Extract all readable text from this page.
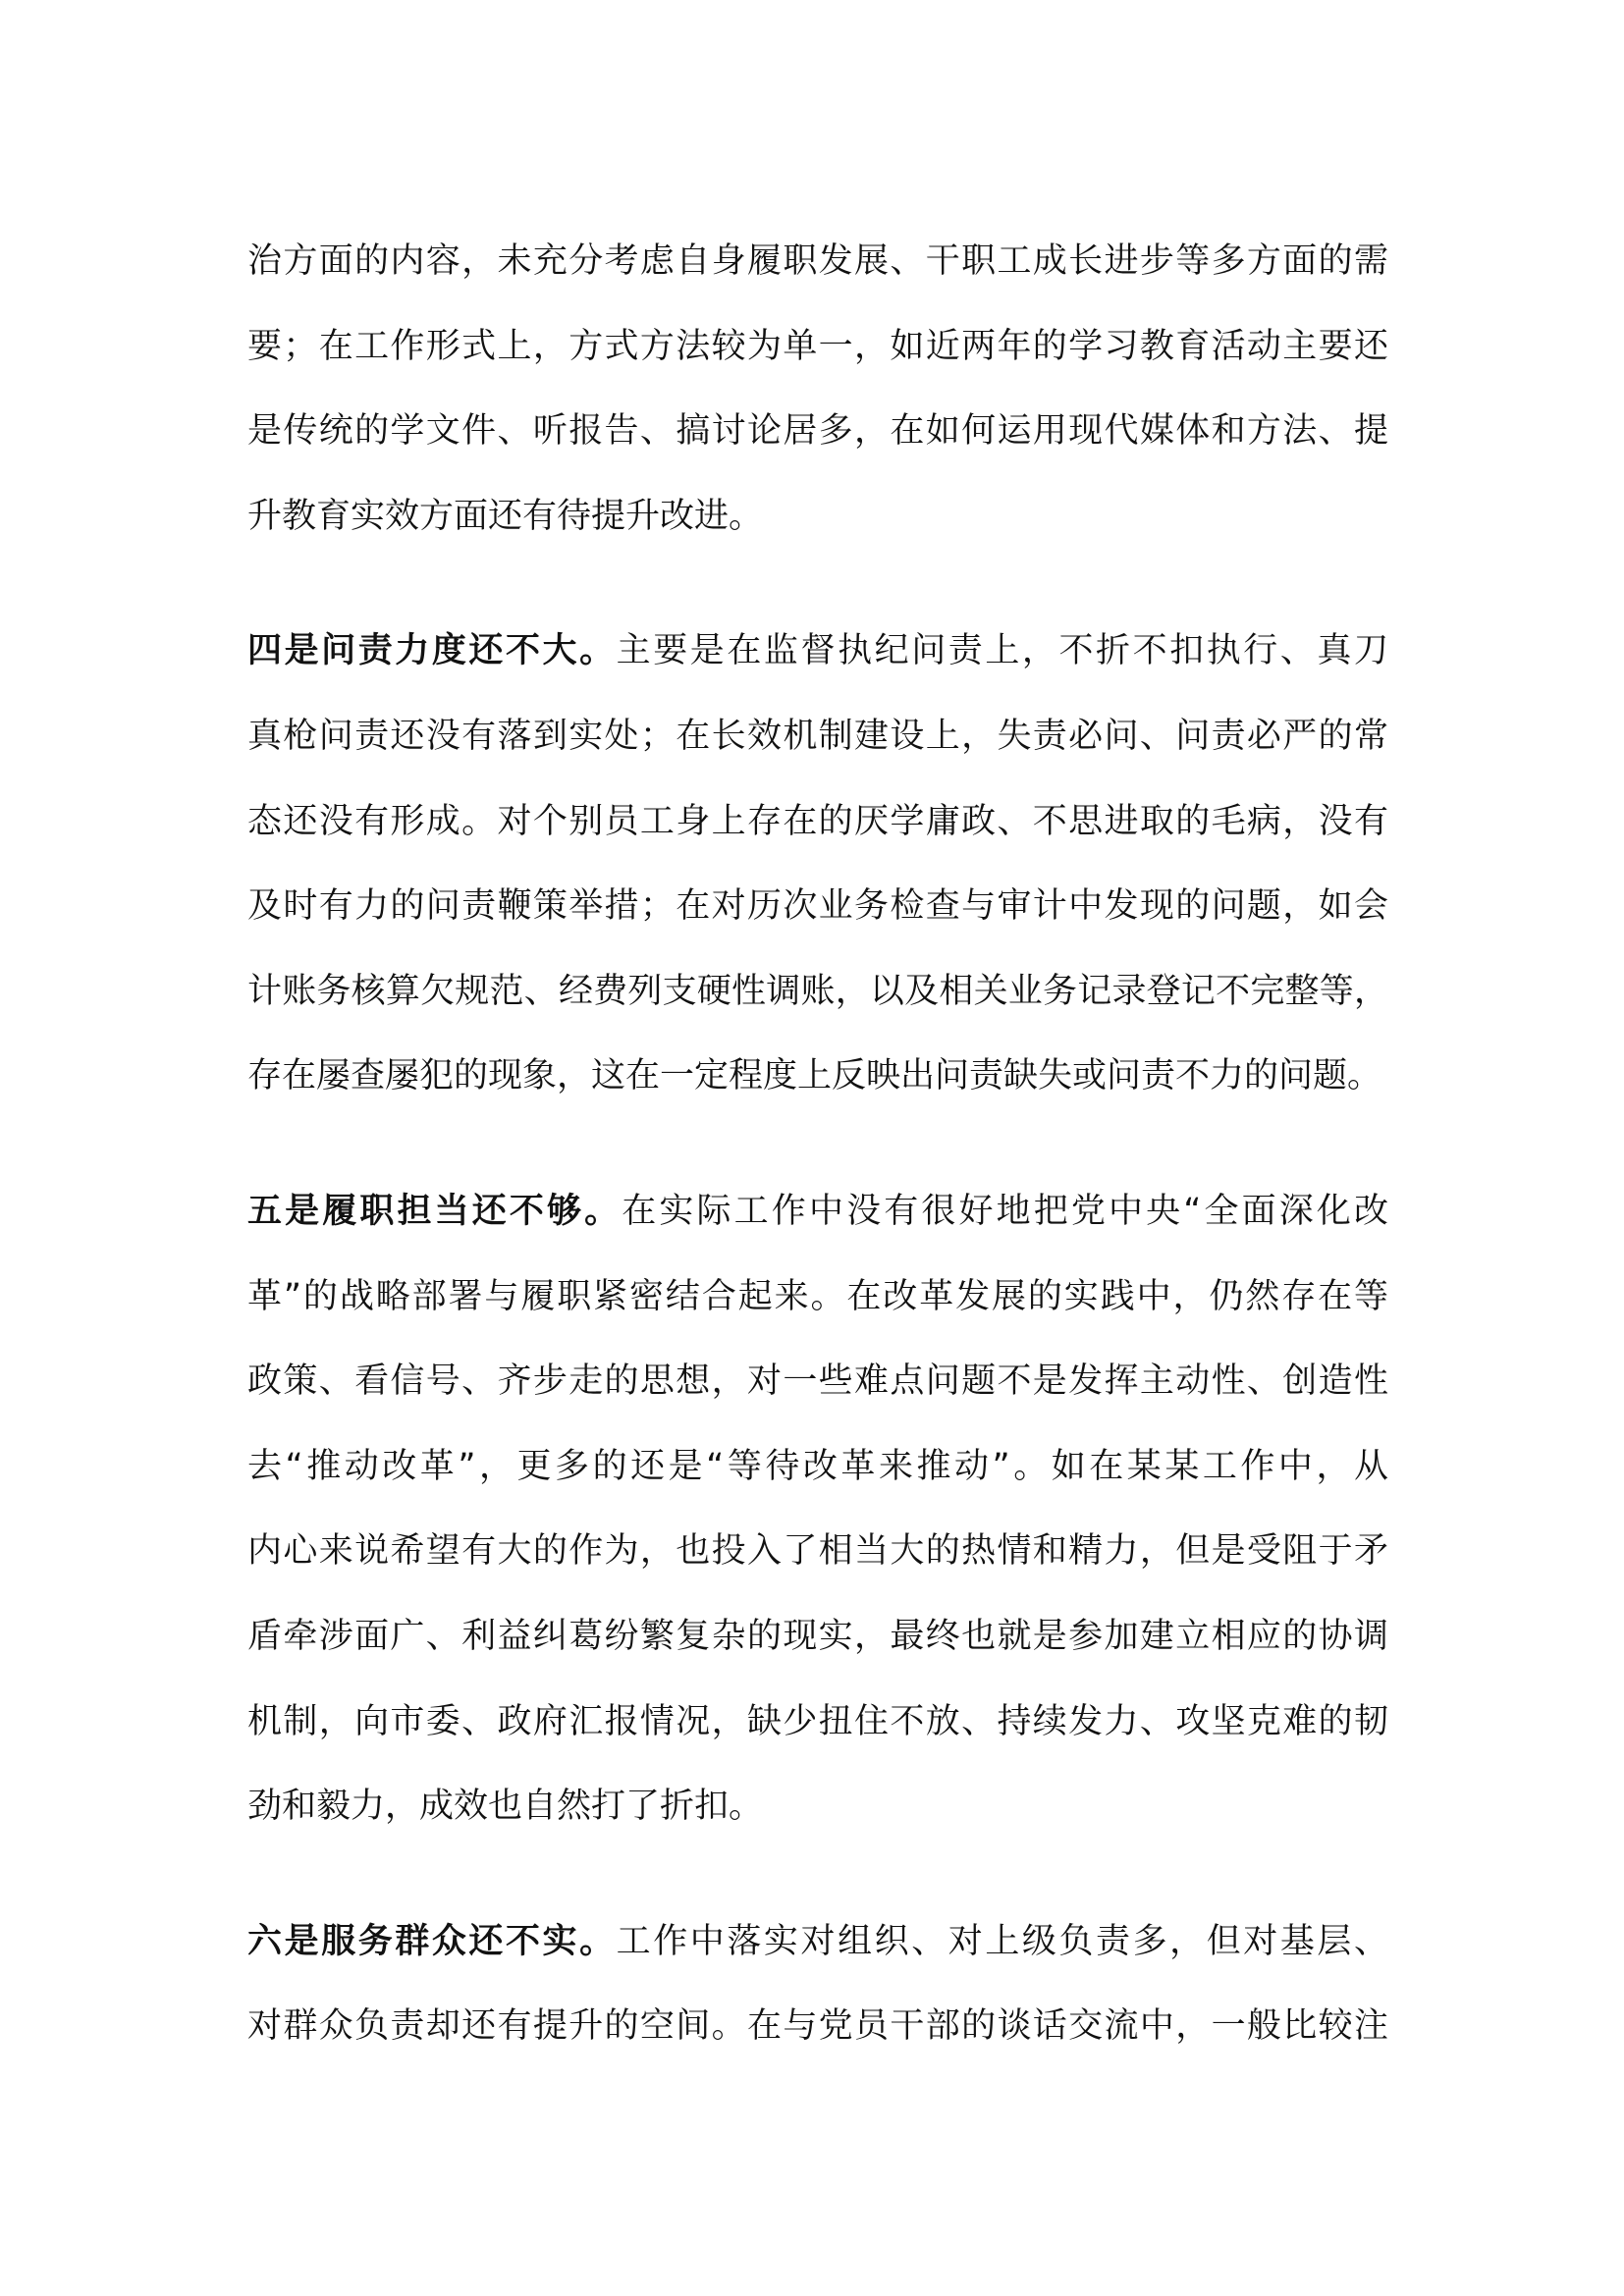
治方面的内容，未充分考虑自身履职发展、干职工成长进步等多方面的需
要；在工作形式上，方式方法较为单一，如近两年的学习教育活动主要还
是传统的学文件、听报告、搞讨论居多，在如何运用现代媒体和方法、提
升教育实效方面还有待提升改进。
四是问责力度还不大。主要是在监督执纪问责上，不折不扣执行、真刀
真枪问责还没有落到实处；在长效机制建设上，失责必问、问责必严的常
态还没有形成。对个别员工身上存在的厌学庸政、不思进取的毛病，没有
及时有力的问责鞭策举措；在对历次业务检查与审计中发现的问题，如会
计账务核算欠规范、经费列支硬性调账，以及相关业务记录登记不完整等，
存在屡查屡犯的现象，这在一定程度上反映出问责缺失或问责不力的问题。
五是履职担当还不够。在实际工作中没有很好地把党中央“全面深化改
革”的战略部署与履职紧密结合起来。在改革发展的实践中，仍然存在等
政策、看信号、齐步走的思想，对一些难点问题不是发挥主动性、创造性
去“推动改革”，更多的还是“等待改革来推动”。如在某某工作中，从
内心来说希望有大的作为，也投入了相当大的热情和精力，但是受阻于矛
盾牵涉面广、利益纠葛纷繁复杂的现实，最终也就是参加建立相应的协调
机制，向市委、政府汇报情况，缺少扭住不放、持续发力、攻坚克难的韧
劲和毅力，成效也自然打了折扣。
六是服务群众还不实。工作中落实对组织、对上级负责多，但对基层、
对群众负责却还有提升的空间。在与党员干部的谈话交流中，一般比较注
